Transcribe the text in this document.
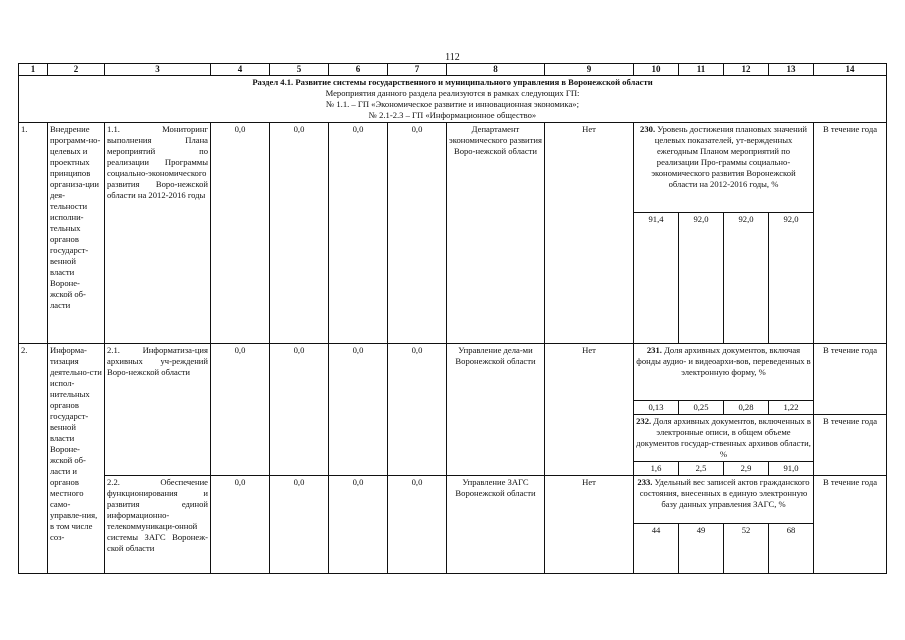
112
1	2	3	4	5	6	7	8	9	10	11	12	13	14

Раздел 4.1. Развитие системы государственного и муниципального управления в Воронежской области
Мероприятия данного раздела реализуются в рамках следующих ГП:
№ 1.1. – ГП «Экономическое развитие и инновационная экономика»;
№ 2.1-2.3 – ГП «Информационное общество»													

1.	Внедрение программ-но-целевых и проектных принципов организа-ции дея-тельности исполни-тельных органов государст-венной власти Вороне-жской об-ласти	1.1. Мониторинг выполнения Плана мероприятий по реализации Программы социально-экономического развития Воро-нежской области на 2012-2016 годы	0,0	0,0	0,0	0,0	Департамент экономического развития Воро-нежской области	Нет	230. Уровень достижения плановых значений целевых показателей, ут-вержденных ежегодным Планом мероприятий по реализации Про-граммы социально-экономического развития Воронежской области на 2012-2016 годы, %				В течение года
									91,4	92,0	92,0	92,0	
2.	Информа-тизация деятельно-сти испол-нительных органов государст-венной власти Вороне-жской об-ласти и органов местного само-управле-ния, в том числе соз-	2.1. Информатиза-ция архивных уч-реждений Воро-нежской области	0,0	0,0	0,0	0,0	Управление дела-ми Воронежской области	Нет	231. Доля архивных документов, включая фонды аудио- и видеоархи-вов, переведенных в электронную форму, %				В течение года
									0,13	0,25	0,28	1,22	
									232. Доля архивных документов, включенных в электронные описи, в общем объеме документов государ-ственных архивов области, %				В течение года
									1,6	2,5	2,9	91,0	
		2.2. Обеспечение функционирования и развития единой информационно-телекоммуникаци-онной системы ЗАГС Воронеж-ской области	0,0	0,0	0,0	0,0	Управление ЗАГС Воронежской области	Нет	233. Удельный вес записей актов гражданского состояния, внесенных в единую электронную базу данных управления ЗАГС, %				В течение года
									44	49	52	68	
